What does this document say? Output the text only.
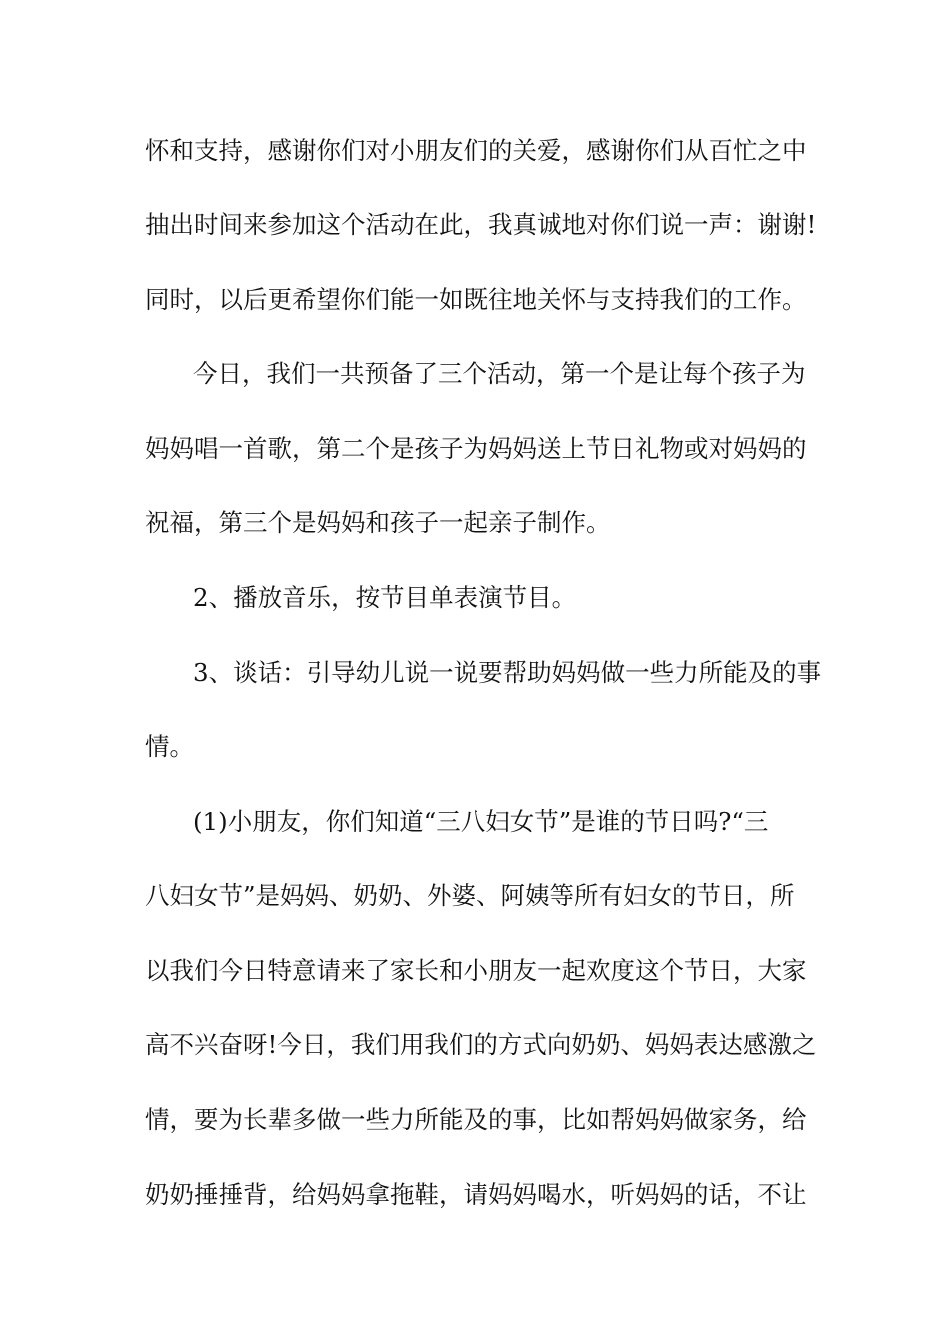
怀和支持，感谢你们对小朋友们的关爱，感谢你们从百忙之中
抽出时间来参加这个活动在此，我真诚地对你们说一声：谢谢!
同时，以后更希望你们能一如既往地关怀与支持我们的工作。
今日，我们一共预备了三个活动，第一个是让每个孩子为
妈妈唱一首歌，第二个是孩子为妈妈送上节日礼物或对妈妈的
祝福，第三个是妈妈和孩子一起亲子制作。
2、播放音乐，按节目单表演节目。
3、谈话：引导幼儿说一说要帮助妈妈做一些力所能及的事
情。
(1)小朋友，你们知道“三八妇女节”是谁的节日吗?“三
八妇女节”是妈妈、奶奶、外婆、阿姨等所有妇女的节日，所
以我们今日特意请来了家长和小朋友一起欢度这个节日，大家
高不兴奋呀!今日，我们用我们的方式向奶奶、妈妈表达感激之
情，要为长辈多做一些力所能及的事，比如帮妈妈做家务，给
奶奶捶捶背，给妈妈拿拖鞋，请妈妈喝水，听妈妈的话，不让
